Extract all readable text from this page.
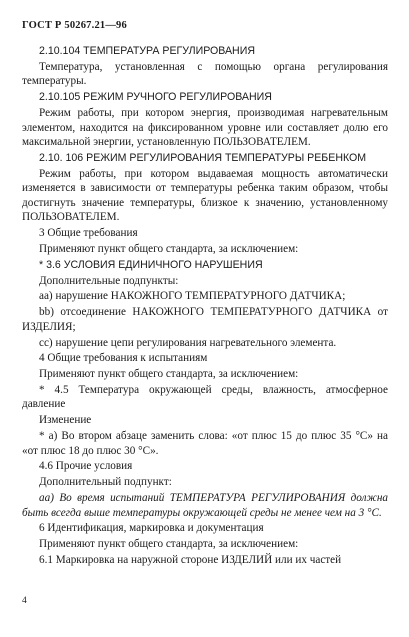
ГОСТ Р 50267.21—96

2.10.104 ТЕМПЕРАТУРА РЕГУЛИРОВАНИЯ

Температура, установленная с помощью органа регулирования температуры.

2.10.105 РЕЖИМ РУЧНОГО РЕГУЛИРОВАНИЯ

Режим работы, при котором энергия, производимая нагревательным элементом, находится на фиксированном уровне или составляет долю его максимальной энергии, установленную ПОЛЬЗОВАТЕЛЕМ.

2.10. 106 РЕЖИМ РЕГУЛИРОВАНИЯ ТЕМПЕРАТУРЫ РЕБЕНКОМ

Режим работы, при котором выдаваемая мощность автоматически изменяется в зависимости от температуры ребенка таким образом, чтобы достигнуть значение температуры, близкое к значению, установленному ПОЛЬЗОВАТЕЛЕМ.

3 Общие требования

Применяют пункт общего стандарта, за исключением:

* 3.6 УСЛОВИЯ ЕДИНИЧНОГО НАРУШЕНИЯ

Дополнительные подпункты:

аа) нарушение НАКОЖНОГО ТЕМПЕРАТУРНОГО ДАТЧИКА;

bb) отсоединение НАКОЖНОГО ТЕМПЕРАТУРНОГО ДАТЧИКА от ИЗДЕЛИЯ;

сс) нарушение цепи регулирования нагревательного элемента.

4 Общие требования к испытаниям

Применяют пункт общего стандарта, за исключением:

* 4.5 Температура окружающей среды, влажность, атмосферное давление

Изменение

* а) Во втором абзаце заменить слова: «от плюс 15 до плюс 35 °С» на «от плюс 18 до плюс 30 °С».

4.6 Прочие условия

Дополнительный подпункт:

аа) Во время испытаний ТЕМПЕРАТУРА РЕГУЛИРОВАНИЯ должна быть всегда выше температуры окружающей среды не менее чем на 3 °С.

6 Идентификация, маркировка и документация

Применяют пункт общего стандарта, за исключением:

6.1 Маркировка на наружной стороне ИЗДЕЛИЙ или их частей

4
